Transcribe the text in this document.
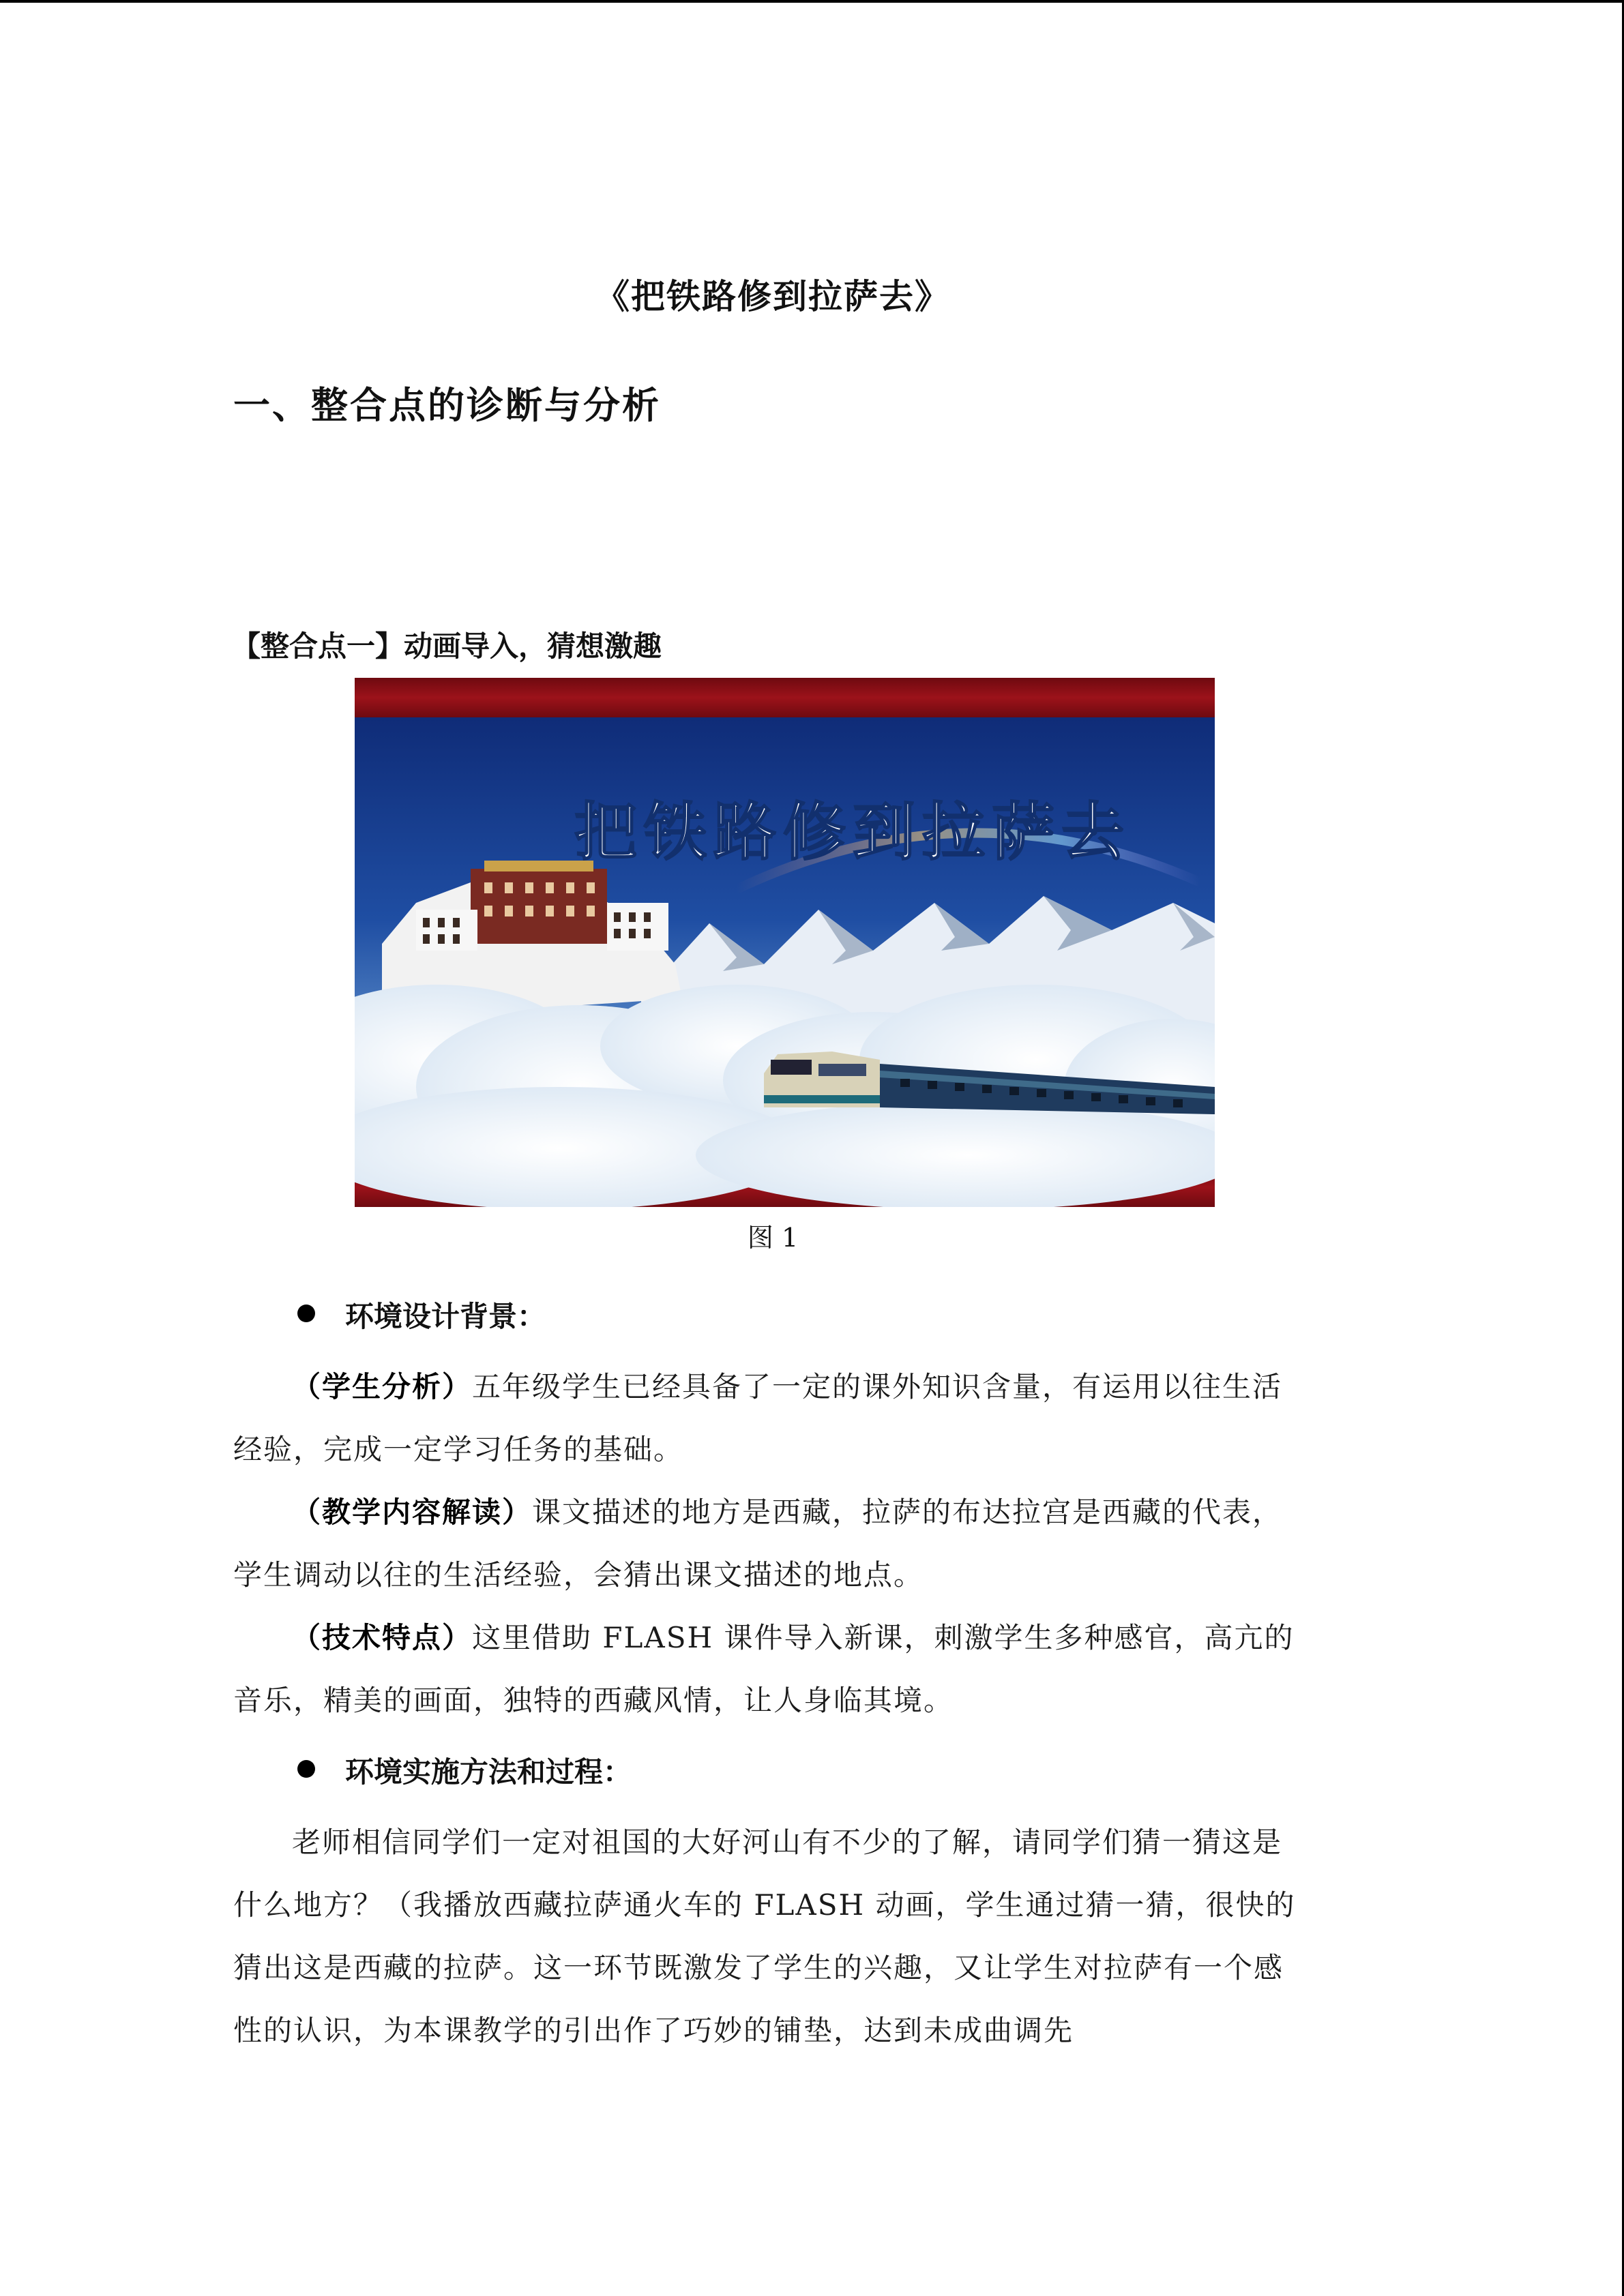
《把铁路修到拉萨去》
一、整合点的诊断与分析
【整合点一】动画导入，猜想激趣
把铁路修到拉萨去
图 1
环境设计背景：
（学生分析）五年级学生已经具备了一定的课外知识含量，有运用以往生活经验，完成一定学习任务的基础。
（教学内容解读）课文描述的地方是西藏，拉萨的布达拉宫是西藏的代表，学生调动以往的生活经验，会猜出课文描述的地点。
（技术特点）这里借助 FLASH 课件导入新课，刺激学生多种感官，高亢的音乐，精美的画面，独特的西藏风情，让人身临其境。
环境实施方法和过程：
老师相信同学们一定对祖国的大好河山有不少的了解，请同学们猜一猜这是什么地方？（我播放西藏拉萨通火车的 FLASH 动画，学生通过猜一猜，很快的猜出这是西藏的拉萨。这一环节既激发了学生的兴趣，又让学生对拉萨有一个感性的认识，为本课教学的引出作了巧妙的铺垫，达到未成曲调先
